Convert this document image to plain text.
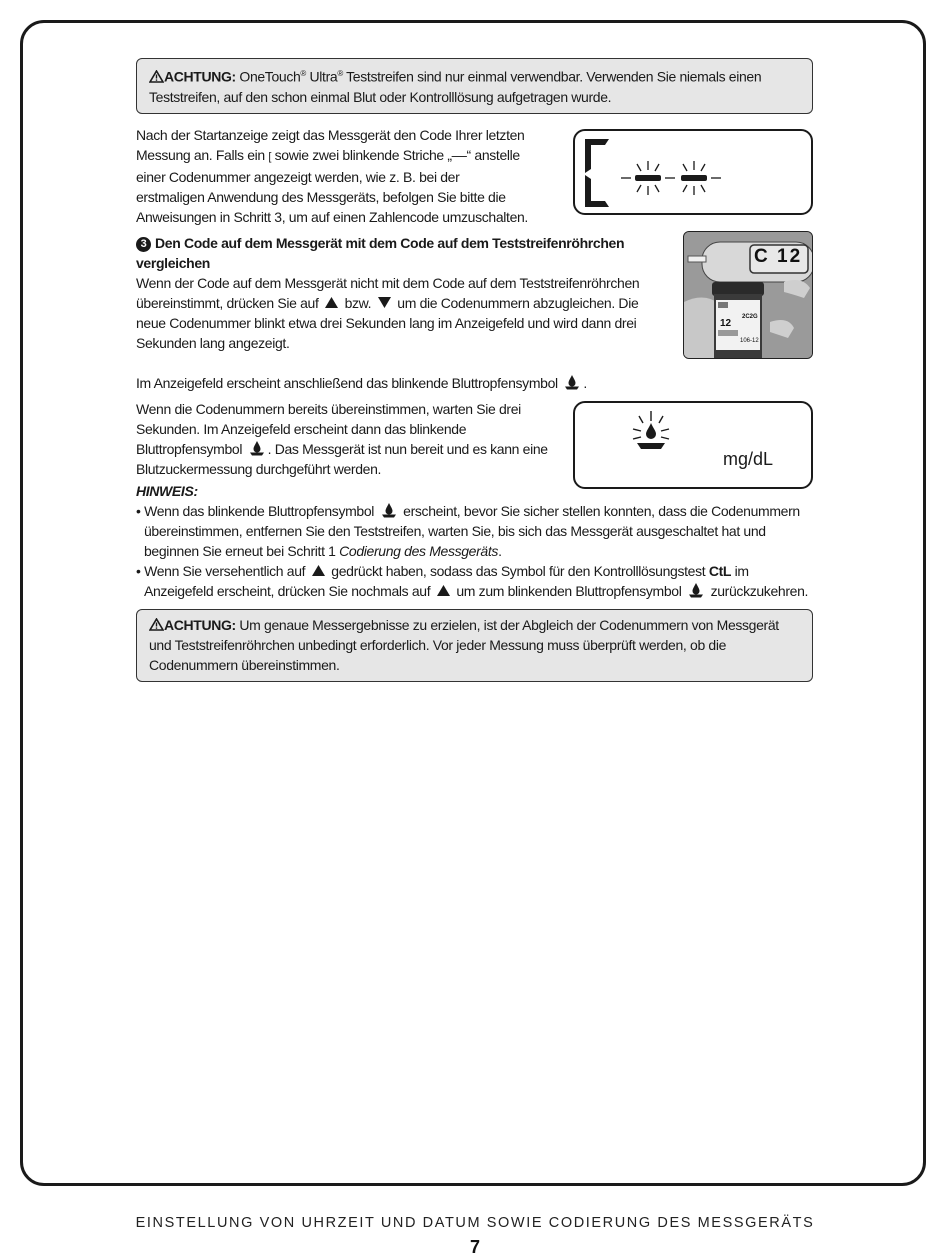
ACHTUNG: OneTouch® Ultra® Teststreifen sind nur einmal verwendbar. Verwenden Sie niemals einen Teststreifen, auf den schon einmal Blut oder Kontrolllösung aufgetragen wurde.
Nach der Startanzeige zeigt das Messgerät den Code Ihrer letzten Messung an. Falls ein [ sowie zwei blinkende Striche „––“ anstelle einer Codenummer angezeigt werden, wie z. B. bei der erstmaligen Anwendung des Messgeräts, befolgen Sie bitte die Anweisungen in Schritt 3, um auf einen Zahlencode umzuschalten.
3 Den Code auf dem Messgerät mit dem Code auf dem Teststreifenröhrchen vergleichen
Wenn der Code auf dem Messgerät nicht mit dem Code auf dem Teststreifenröhrchen übereinstimmt, drücken Sie auf bzw. um die Codenummern abzugleichen. Die neue Codenummer blinkt etwa drei Sekunden lang im Anzeigefeld und wird dann drei Sekunden lang angezeigt.
Im Anzeigefeld erscheint anschließend das blinkende Bluttropfensymbol .
C 12
12
2C2G
106-12
Wenn die Codenummern bereits übereinstimmen, warten Sie drei Sekunden. Im Anzeigefeld erscheint dann das blinkende Bluttropfensymbol . Das Messgerät ist nun bereit und es kann eine Blutzuckermessung durchgeführt werden.	mg/dL
HINWEIS:
• Wenn das blinkende Bluttropfensymbol erscheint, bevor Sie sicher stellen konnten, dass die Codenummern übereinstimmen, entfernen Sie den Teststreifen, warten Sie, bis sich das Messgerät ausgeschaltet hat und beginnen Sie erneut bei Schritt 1 Codierung des Messgeräts.
• Wenn Sie versehentlich auf gedrückt haben, sodass das Symbol für den Kontrolllösungstest CtL im Anzeigefeld erscheint, drücken Sie nochmals auf um zum blinkenden Bluttropfensymbol zurückzukehren.
ACHTUNG: Um genaue Messergebnisse zu erzielen, ist der Abgleich der Codenummern von Messgerät und Teststreifenröhrchen unbedingt erforderlich. Vor jeder Messung muss überprüft werden, ob die Codenummern übereinstimmen.
EINSTELLUNG VON UHRZEIT UND DATUM SOWIE CODIERUNG DES MESSGERÄTS
7
